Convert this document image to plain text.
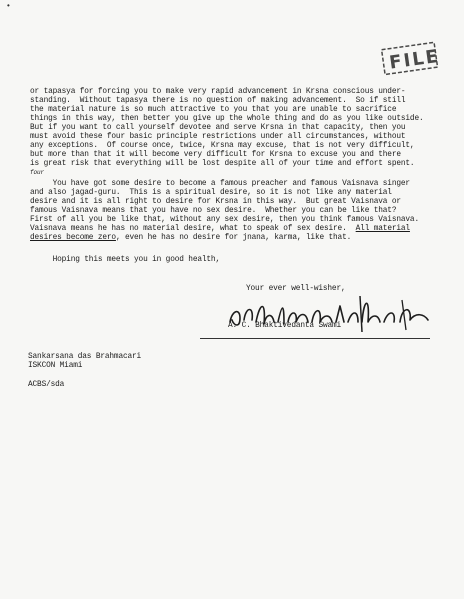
•
FILE
or tapasya for forcing you to make very rapid advancement in Krsna conscious under-
standing.  Without tapasya there is no question of making advancement.  So if still
the material nature is so much attractive to you that you are unable to sacrifice
things in this way, then better you give up the whole thing and do as you like outside.
But if you want to call yourself devotee and serve Krsna in that capacity, then you
must avoid these four basic principle restrictions under all circumstances, without
any exceptions.  Of course once, twice, Krsna may excuse, that is not very difficult,
but more than that it will become very difficult for Krsna to excuse you and there
is great risk that everything will be lost despite all of your time and effort spent.
four
You have got some desire to become a famous preacher and famous Vaisnava singer
and also jagad-guru.  This is a spiritual desire, so it is not like any material
desire and it is all right to desire for Krsna in this way.  But great Vaisnava or
famous Vaisnava means that you have no sex desire.  Whether you can be like that?
First of all you be like that, without any sex desire, then you think famous Vaisnava.
Vaisnava means he has no material desire, what to speak of sex desire. All material
desires become zero, even he has no desire for jnana, karma, like that.
Hoping this meets you in good health,
Your ever well-wisher,
A. C. Bhaktivedanta Swami
Sankarsana das Brahmacari
ISKCON Miami
ACBS/sda
